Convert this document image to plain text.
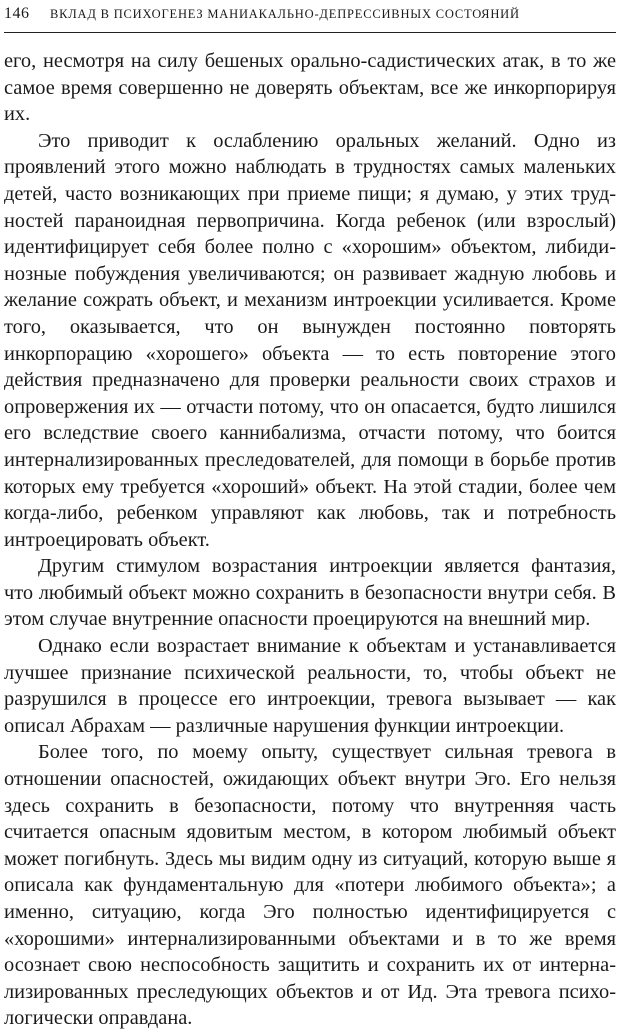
146 ВКЛАД В ПСИХОГЕНЕЗ МАНИАКАЛЬНО-ДЕПРЕССИВНЫХ СОСТОЯНИЙ

его, несмотря на силу бешеных орально-садистических атак, в то же самое время совершенно не доверять объектам, все же инкорпорируя их.

Это приводит к ослаблению оральных желаний. Одно из проявлений этого можно наблюдать в трудностях самых маленьких детей, часто возникающих при приеме пищи; я думаю, у этих трудностей параноидная первопричина. Когда ребенок (или взрослый) идентифицирует себя более полно с «хорошим» объектом, либидинозные побуждения увеличиваются; он развивает жадную любовь и желание сожрать объект, и механизм интроекции усиливается. Кроме того, оказывается, что он вынужден постоянно повторять инкорпорацию «хорошего» объекта — то есть повторение этого действия предназначено для проверки реальности своих страхов и опровержения их — отчасти потому, что он опасается, будто лишился его вследствие своего каннибализма, отчасти потому, что боится интернализированных преследователей, для помощи в борьбе против которых ему требуется «хороший» объект. На этой стадии, более чем когда-либо, ребенком управляют как любовь, так и потребность интроецировать объект.

Другим стимулом возрастания интроекции является фантазия, что любимый объект можно сохранить в безопасности внутри себя. В этом случае внутренние опасности проецируются на внешний мир.

Однако если возрастает внимание к объектам и устанавливается лучшее признание психической реальности, то, чтобы объект не разрушился в процессе его интроекции, тревога вызывает — как описал Абрахам — различные нарушения функции интроекции.

Более того, по моему опыту, существует сильная тревога в отношении опасностей, ожидающих объект внутри Эго. Его нельзя здесь сохранить в безопасности, потому что внутренняя часть считается опасным ядовитым местом, в котором любимый объект может погибнуть. Здесь мы видим одну из ситуаций, которую выше я описала как фундаментальную для «потери любимого объекта»; а именно, ситуацию, когда Эго полностью идентифицируется с «хорошими» интернализированными объектами и в то же время осознает свою неспособность защитить и сохранить их от интернализированных преследующих объектов и от Ид. Эта тревога психологически оправдана.
